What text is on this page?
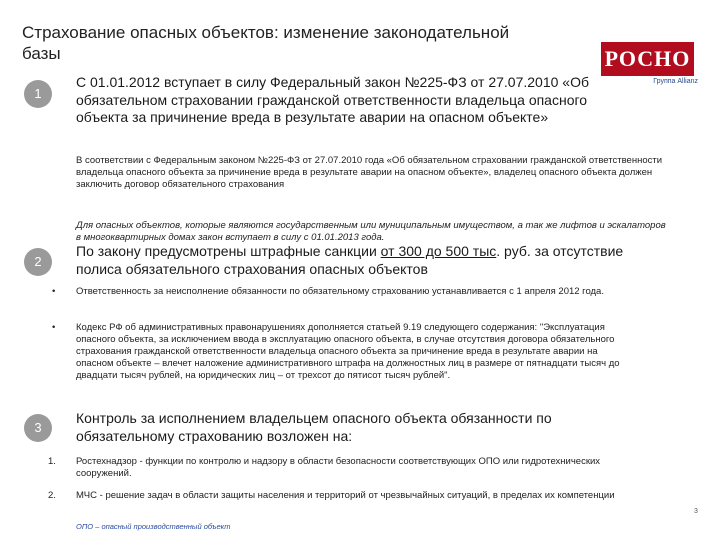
Страхование опасных объектов: изменение законодательной базы	РОСНО
Группа Allianz
1
С 01.01.2012 вступает в силу Федеральный закон №225-ФЗ от 27.07.2010 «Об обязательном страховании гражданской ответственности владельца опасного объекта за причинение вреда в результате аварии на опасном объекте»
В соответствии с Федеральным законом №225-ФЗ от 27.07.2010 года «Об обязательном страховании гражданской ответственности владельца опасного объекта за причинение вреда в результате аварии на опасном объекте», владелец опасного объекта должен заключить договор обязательного страхования
Для опасных объектов, которые являются государственным или муниципальным имуществом, а так же лифтов и эскалаторов в многоквартирных домах закон вступает в силу с 01.01.2013 года.
2
По закону предусмотрены штрафные санкции от 300 до 500 тыс. руб. за отсутствие полиса обязательного страхования опасных объектов
• Ответственность за неисполнение обязанности по обязательному страхованию устанавливается с 1 апреля 2012 года.
• Кодекс РФ об административных правонарушениях дополняется статьей 9.19 следующего содержания: "Эксплуатация опасного объекта, за исключением ввода в эксплуатацию опасного объекта, в случае отсутствия договора обязательного страхования гражданской ответственности владельца опасного объекта за причинение вреда в результате аварии на опасном объекте – влечет наложение административного штрафа на должностных лиц в размере от пятнадцати тысяч до двадцати тысяч рублей, на юридических лиц – от трехсот до пятисот тысяч рублей".
3
Контроль за исполнением владельцем опасного объекта обязанности по обязательному страхованию возложен на:
1. Ростехнадзор - функции по контролю и надзору в области безопасности соответствующих ОПО или гидротехнических сооружений.
2. МЧС - решение задач в области защиты населения и территорий от чрезвычайных ситуаций, в пределах их компетенции
ОПО – опасный производственный объект
3
